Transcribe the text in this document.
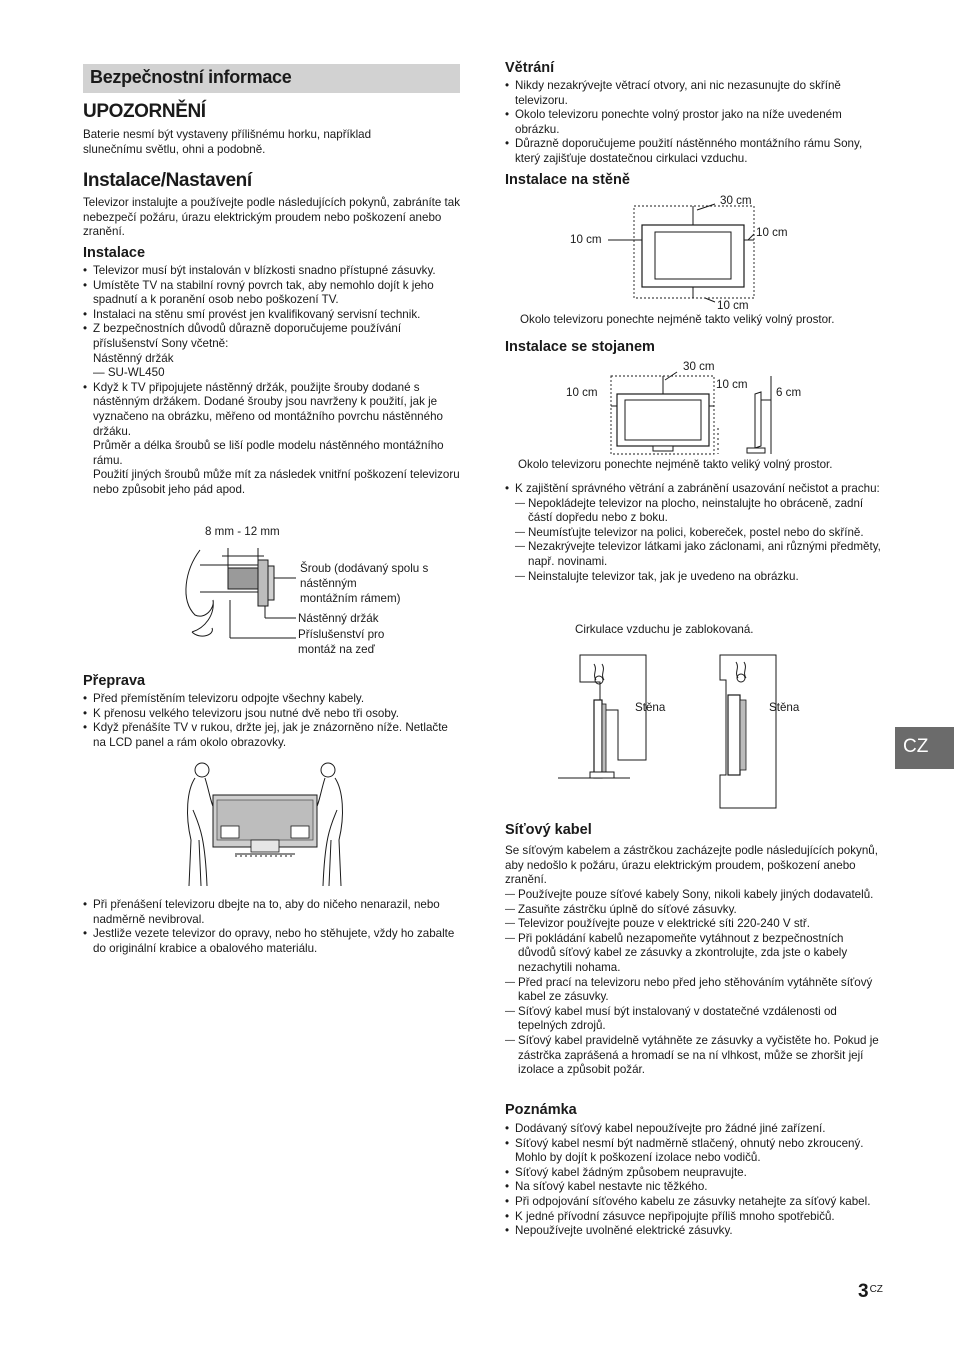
Bezpečnostní informace
UPOZORNĚNÍ

Baterie nesmí být vystaveny přílišnému horku, například slunečnímu světlu, ohni a podobně.

Instalace/Nastavení

Televizor instalujte a používejte podle následujících pokynů, zabráníte tak nebezpečí požáru, úrazu elektrickým proudem nebo poškození anebo zranění.

Instalace
• Televizor musí být instalován v blízkosti snadno přístupné zásuvky.
• Umístěte TV na stabilní rovný povrch tak, aby nemohlo dojít k jeho spadnutí a k poranění osob nebo poškození TV.
• Instalaci na stěnu smí provést jen kvalifikovaný servisní technik.
• Z bezpečnostních důvodů důrazně doporučujeme používání příslušenství Sony včetně:
Nástěnný držák
— SU-WL450
• Když k TV připojujete nástěnný držák, použijte šrouby dodané s nástěnným držákem. Dodané šrouby jsou navrženy k použití, jak je vyznačeno na obrázku, měřeno od montážního povrchu nástěnného držáku.
Průměr a délka šroubů se liší podle modelu nástěnného montážního rámu.
Použití jiných šroubů může mít za následek vnitřní poškození televizoru nebo způsobit jeho pád apod.
8 mm - 12 mm
Šroub (dodávaný spolu s
nástěnným
montážním rámem)
Nástěnný držák
Příslušenství pro
montáž na zeď
Přeprava
• Před přemístěním televizoru odpojte všechny kabely.
• K přenosu velkého televizoru jsou nutné dvě nebo tři osoby.
• Když přenášíte TV v rukou, držte jej, jak je znázorněno níže. Netlačte na LCD panel a rám okolo obrazovky.
• Při přenášení televizoru dbejte na to, aby do ničeho nenarazil, nebo nadměrně nevibroval.
• Jestliže vezete televizor do opravy, nebo ho stěhujete, vždy ho zabalte do originální krabice a obalového materiálu.
Větrání
• Nikdy nezakrývejte větrací otvory, ani nic nezasunujte do skříně televizoru.
• Okolo televizoru ponechte volný prostor jako na níže uvedeném obrázku.
• Důrazně doporučujeme použití nástěnného montážního rámu Sony, který zajišťuje dostatečnou cirkulaci vzduchu.
Instalace na stěně
30 cm
10 cm
10 cm
10 cm

Okolo televizoru ponechte nejméně takto veliký volný prostor.

Instalace se stojanem
30 cm
10 cm
10 cm
6 cm

Okolo televizoru ponechte nejméně takto veliký volný prostor.

• K zajištění správného větrání a zabránění usazování nečistot a prachu:
— Nepokládejte televizor na plocho, neinstalujte ho obráceně, zadní částí dopředu nebo z boku.
— Neumísťujte televizor na polici, kobereček, postel nebo do skříně.
— Nezakrývejte televizor látkami jako záclonami, ani různými předměty, např. novinami.
— Neinstalujte televizor tak, jak je uvedeno na obrázku.

Cirkulace vzduchu je zablokovaná.

Stěna	Stěna
Síťový kabel

Se síťovým kabelem a zástrčkou zacházejte podle následujících pokynů, aby nedošlo k požáru, úrazu elektrickým proudem, poškození anebo zranění.

— Používejte pouze síťové kabely Sony, nikoli kabely jiných dodavatelů.
— Zasuňte zástrčku úplně do síťové zásuvky.
— Televizor používejte pouze v elektrické síti 220-240 V stř.
— Při pokládání kabelů nezapomeňte vytáhnout z bezpečnostních důvodů síťový kabel ze zásuvky a zkontrolujte, zda jste o kabely nezachytili nohama.
— Před prací na televizoru nebo před jeho stěhováním vytáhněte síťový kabel ze zásuvky.
— Síťový kabel musí být instalovaný v dostatečné vzdálenosti od tepelných zdrojů.
— Síťový kabel pravidelně vytáhněte ze zásuvky a vyčistěte ho. Pokud je zástrčka zaprášená a hromadí se na ní vlhkost, může se zhoršit její izolace a způsobit požár.
Poznámka
• Dodávaný síťový kabel nepoužívejte pro žádné jiné zařízení.
• Síťový kabel nesmí být nadměrně stlačený, ohnutý nebo zkroucený. Mohlo by dojít k poškození izolace nebo vodičů.
• Síťový kabel žádným způsobem neupravujte.
• Na síťový kabel nestavte nic těžkého.
• Při odpojování síťového kabelu ze zásuvky netahejte za síťový kabel.
• K jedné přívodní zásuvce nepřipojujte příliš mnoho spotřebičů.
• Nepoužívejte uvolněné elektrické zásuvky.
CZ
$3^{CZ}$
